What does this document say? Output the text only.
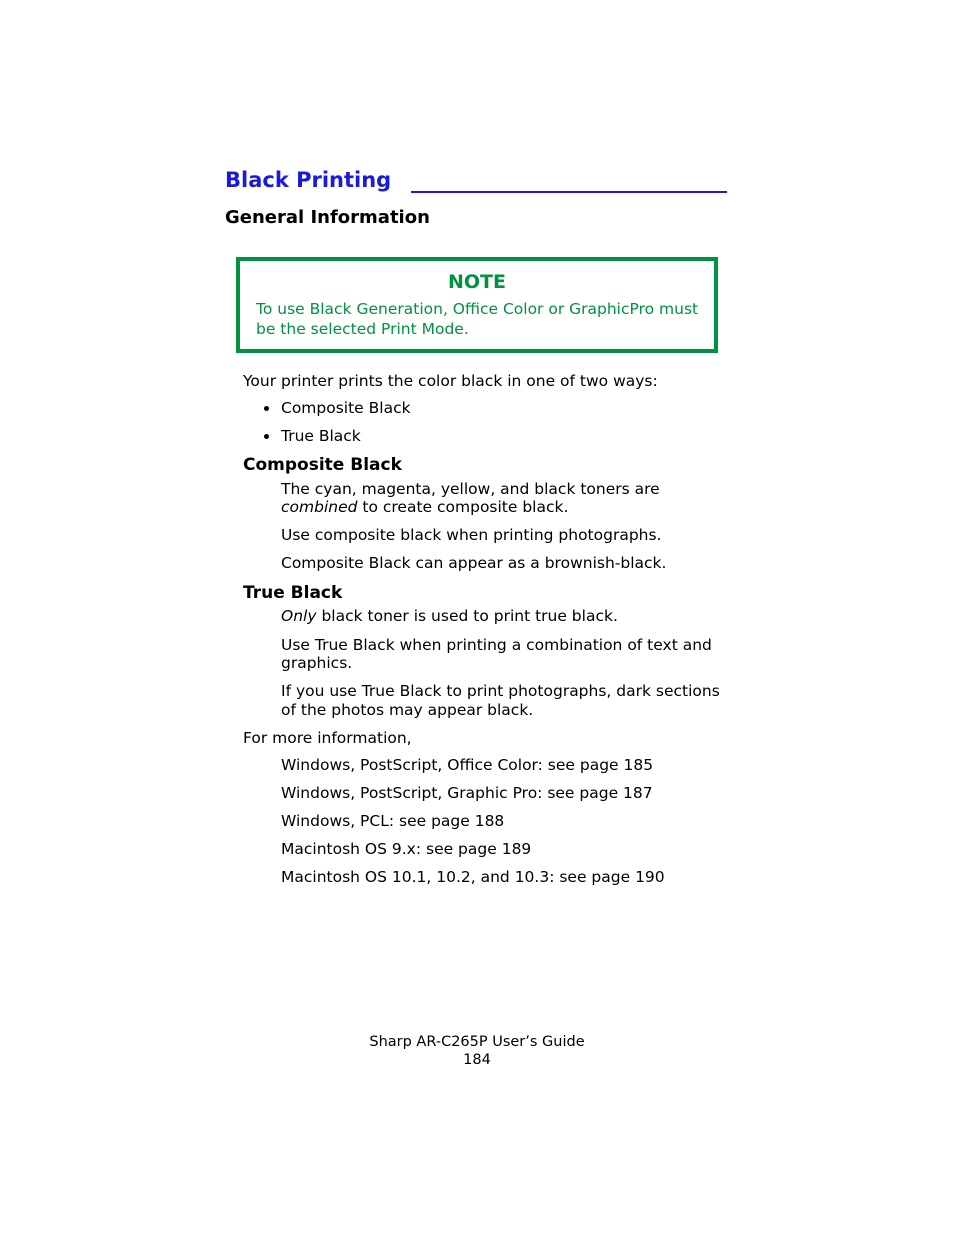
Black Printing
General Information
NOTE
To use Black Generation, Office Color or GraphicPro must be the selected Print Mode.
Your printer prints the color black in one of two ways:
Composite Black
True Black
Composite Black
The cyan, magenta, yellow, and black toners are
combined to create composite black.
Use composite black when printing photographs.
Composite Black can appear as a brownish-black.
True Black
Only black toner is used to print true black.
Use True Black when printing a combination of text and
graphics.
If you use True Black to print photographs, dark sections
of the photos may appear black.
For more information,
Windows, PostScript, Office Color: see page 185
Windows, PostScript, Graphic Pro: see page 187
Windows, PCL: see page 188
Macintosh OS 9.x: see page 189
Macintosh OS 10.1, 10.2, and 10.3: see page 190
Sharp AR-C265P User’s Guide
184
